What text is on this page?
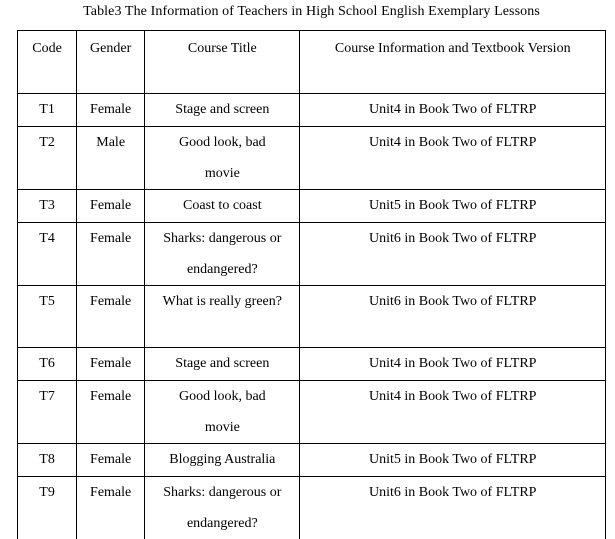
Table3 The Information of Teachers in High School English Exemplary Lessons
Code	Gender	Course Title	Course Information and Textbook Version
T1	Female	Stage and screen	Unit4 in Book Two of FLTRP
T2	Male	Good look, bad movie	Unit4 in Book Two of FLTRP
T3	Female	Coast to coast	Unit5 in Book Two of FLTRP
T4	Female	Sharks: dangerous or endangered?	Unit6 in Book Two of FLTRP
T5	Female	What is really green?	Unit6 in Book Two of FLTRP
T6	Female	Stage and screen	Unit4 in Book Two of FLTRP
T7	Female	Good look, bad movie	Unit4 in Book Two of FLTRP
T8	Female	Blogging Australia	Unit5 in Book Two of FLTRP
T9	Female	Sharks: dangerous or endangered?	Unit6 in Book Two of FLTRP
